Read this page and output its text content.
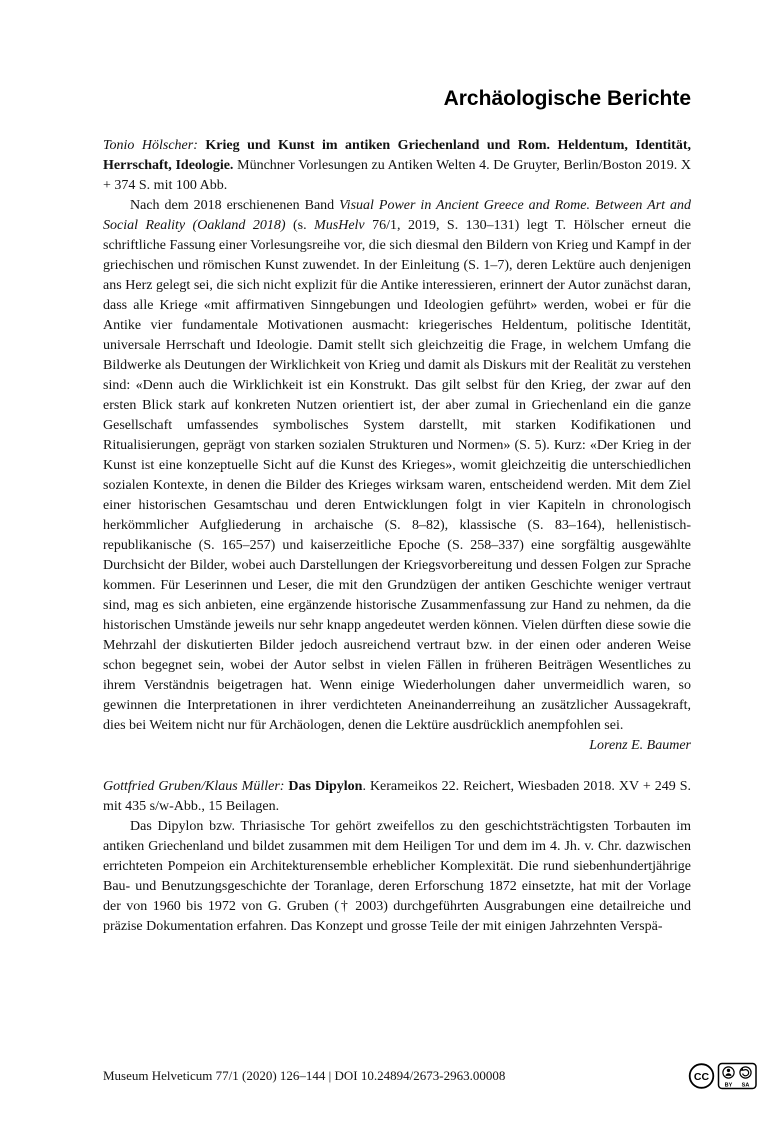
Archäologische Berichte

Tonio Hölscher: Krieg und Kunst im antiken Griechenland und Rom. Heldentum, Identität, Herrschaft, Ideologie. Münchner Vorlesungen zu Antiken Welten 4. De Gruyter, Berlin/Boston 2019. X + 374 S. mit 100 Abb.

Nach dem 2018 erschienenen Band Visual Power in Ancient Greece and Rome. Between Art and Social Reality (Oakland 2018) (s. MusHelv 76/1, 2019, S. 130–131) legt T. Hölscher erneut die schriftliche Fassung einer Vorlesungsreihe vor, die sich diesmal den Bildern von Krieg und Kampf in der griechischen und römischen Kunst zuwendet. In der Einleitung (S. 1–7), deren Lektüre auch denjenigen ans Herz gelegt sei, die sich nicht explizit für die Antike interessieren, erinnert der Autor zunächst daran, dass alle Kriege «mit affirmativen Sinngebungen und Ideologien geführt» werden, wobei er für die Antike vier fundamentale Motivationen ausmacht: kriegerisches Heldentum, politische Identität, universale Herrschaft und Ideologie. Damit stellt sich gleichzeitig die Frage, in welchem Umfang die Bildwerke als Deutungen der Wirklichkeit von Krieg und damit als Diskurs mit der Realität zu verstehen sind: «Denn auch die Wirklichkeit ist ein Konstrukt. Das gilt selbst für den Krieg, der zwar auf den ersten Blick stark auf konkreten Nutzen orientiert ist, der aber zumal in Griechenland ein die ganze Gesellschaft umfassendes symbolisches System darstellt, mit starken Kodifikationen und Ritualisierungen, geprägt von starken sozialen Strukturen und Normen» (S. 5). Kurz: «Der Krieg in der Kunst ist eine konzeptuelle Sicht auf die Kunst des Krieges», womit gleichzeitig die unterschiedlichen sozialen Kontexte, in denen die Bilder des Krieges wirksam waren, entscheidend werden. Mit dem Ziel einer historischen Gesamtschau und deren Entwicklungen folgt in vier Kapiteln in chronologisch herkömmlicher Aufgliederung in archaische (S. 8–82), klassische (S. 83–164), hellenistisch-republikanische (S. 165–257) und kaiserzeitliche Epoche (S. 258–337) eine sorgfältig ausgewählte Durchsicht der Bilder, wobei auch Darstellungen der Kriegsvorbereitung und dessen Folgen zur Sprache kommen. Für Leserinnen und Leser, die mit den Grundzügen der antiken Geschichte weniger vertraut sind, mag es sich anbieten, eine ergänzende historische Zusammenfassung zur Hand zu nehmen, da die historischen Umstände jeweils nur sehr knapp angedeutet werden können. Vielen dürften diese sowie die Mehrzahl der diskutierten Bilder jedoch ausreichend vertraut bzw. in der einen oder anderen Weise schon begegnet sein, wobei der Autor selbst in vielen Fällen in früheren Beiträgen Wesentliches zu ihrem Verständnis beigetragen hat. Wenn einige Wiederholungen daher unvermeidlich waren, so gewinnen die Interpretationen in ihrer verdichteten Aneinanderreihung an zusätzlicher Aussagekraft, dies bei Weitem nicht nur für Archäologen, denen die Lektüre ausdrücklich anempfohlen sei.

Lorenz E. Baumer

Gottfried Gruben/Klaus Müller: Das Dipylon. Kerameikos 22. Reichert, Wiesbaden 2018. XV + 249 S. mit 435 s/w-Abb., 15 Beilagen.

Das Dipylon bzw. Thriasische Tor gehört zweifellos zu den geschichtsträchtigsten Torbauten im antiken Griechenland und bildet zusammen mit dem Heiligen Tor und dem im 4. Jh. v. Chr. dazwischen errichteten Pompeion ein Architekturensemble erheblicher Komplexität. Die rund siebenhundertjährige Bau- und Benutzungsgeschichte der Toranlage, deren Erforschung 1872 einsetzte, hat mit der Vorlage der von 1960 bis 1972 von G. Gruben († 2003) durchgeführten Ausgrabungen eine detailreiche und präzise Dokumentation erfahren. Das Konzept und grosse Teile der mit einigen Jahrzehnten Verspä-

Museum Helveticum 77/1 (2020) 126–144 | DOI 10.24894/2673-2963.00008	CC
BY SA
